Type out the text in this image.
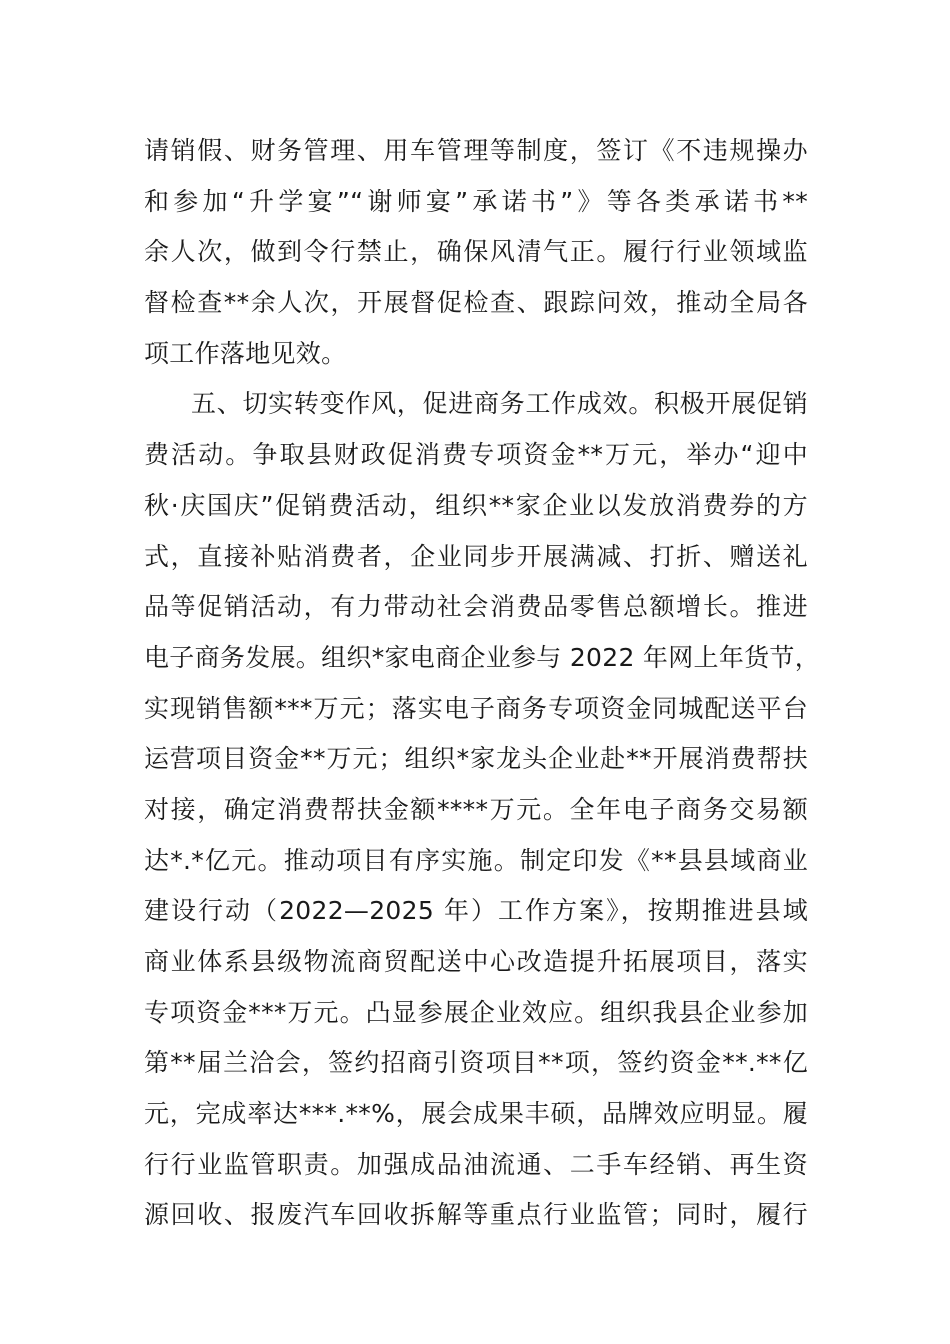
请销假、财务管理、用车管理等制度，签订《不违规操办
和参加“升学宴”“谢师宴”承诺书”》等各类承诺书**
余人次，做到令行禁止，确保风清气正。履行行业领域监
督检查**余人次，开展督促检查、跟踪问效，推动全局各
项工作落地见效。
五、切实转变作风，促进商务工作成效。积极开展促销
费活动。争取县财政促消费专项资金**万元，举办“迎中
秋·庆国庆”促销费活动，组织**家企业以发放消费券的方
式，直接补贴消费者，企业同步开展满减、打折、赠送礼
品等促销活动，有力带动社会消费品零售总额增长。推进
电子商务发展。组织*家电商企业参与 2022 年网上年货节，
实现销售额***万元；落实电子商务专项资金同城配送平台
运营项目资金**万元；组织*家龙头企业赴**开展消费帮扶
对接，确定消费帮扶金额****万元。全年电子商务交易额
达*.*亿元。推动项目有序实施。制定印发《**县县域商业
建设行动（2022—2025 年）工作方案》，按期推进县域
商业体系县级物流商贸配送中心改造提升拓展项目，落实
专项资金***万元。凸显参展企业效应。组织我县企业参加
第**届兰洽会，签约招商引资项目**项，签约资金**.**亿
元，完成率达***.**%，展会成果丰硕，品牌效应明显。履
行行业监管职责。加强成品油流通、二手车经销、再生资
源回收、报废汽车回收拆解等重点行业监管；同时，履行
